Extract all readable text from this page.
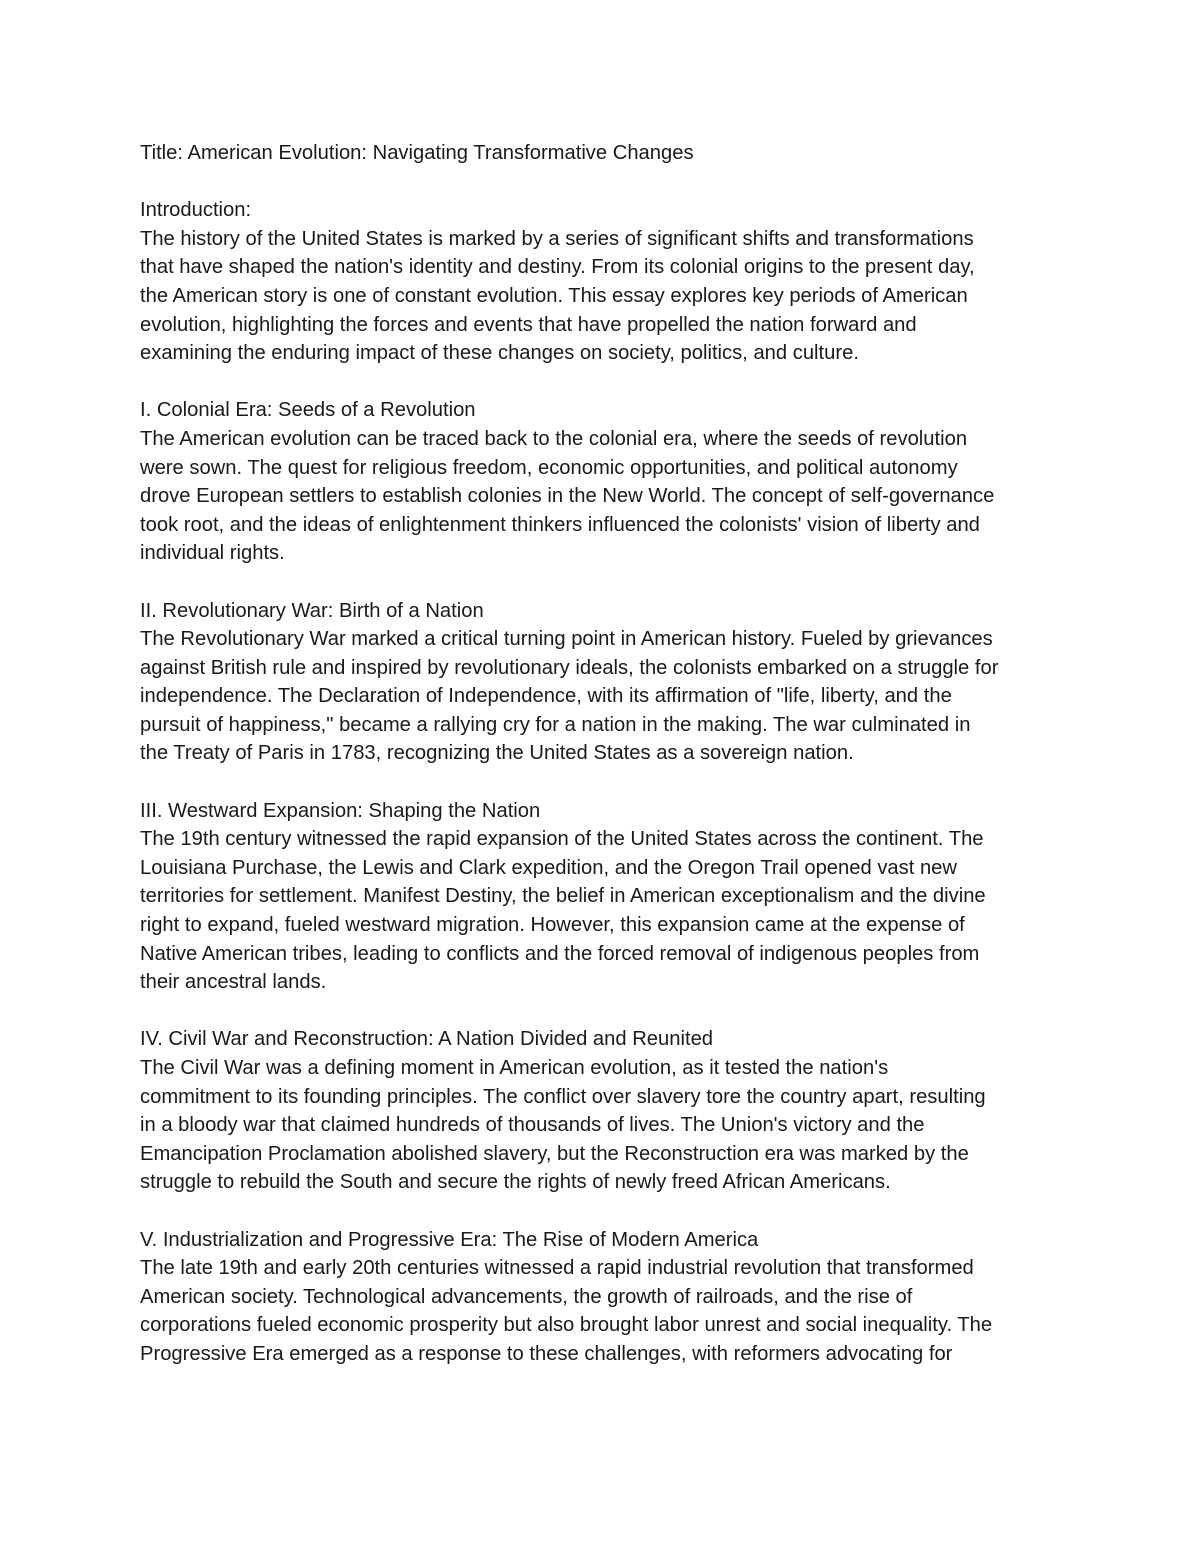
Title: American Evolution: Navigating Transformative Changes

Introduction:

The history of the United States is marked by a series of significant shifts and transformations

that have shaped the nation's identity and destiny. From its colonial origins to the present day,

the American story is one of constant evolution. This essay explores key periods of American

evolution, highlighting the forces and events that have propelled the nation forward and

examining the enduring impact of these changes on society, politics, and culture.

I. Colonial Era: Seeds of a Revolution

The American evolution can be traced back to the colonial era, where the seeds of revolution

were sown. The quest for religious freedom, economic opportunities, and political autonomy

drove European settlers to establish colonies in the New World. The concept of self-governance

took root, and the ideas of enlightenment thinkers influenced the colonists' vision of liberty and

individual rights.

II. Revolutionary War: Birth of a Nation

The Revolutionary War marked a critical turning point in American history. Fueled by grievances

against British rule and inspired by revolutionary ideals, the colonists embarked on a struggle for

independence. The Declaration of Independence, with its affirmation of "life, liberty, and the

pursuit of happiness," became a rallying cry for a nation in the making. The war culminated in

the Treaty of Paris in 1783, recognizing the United States as a sovereign nation.

III. Westward Expansion: Shaping the Nation

The 19th century witnessed the rapid expansion of the United States across the continent. The

Louisiana Purchase, the Lewis and Clark expedition, and the Oregon Trail opened vast new

territories for settlement. Manifest Destiny, the belief in American exceptionalism and the divine

right to expand, fueled westward migration. However, this expansion came at the expense of

Native American tribes, leading to conflicts and the forced removal of indigenous peoples from

their ancestral lands.

IV. Civil War and Reconstruction: A Nation Divided and Reunited

The Civil War was a defining moment in American evolution, as it tested the nation's

commitment to its founding principles. The conflict over slavery tore the country apart, resulting

in a bloody war that claimed hundreds of thousands of lives. The Union's victory and the

Emancipation Proclamation abolished slavery, but the Reconstruction era was marked by the

struggle to rebuild the South and secure the rights of newly freed African Americans.

V. Industrialization and Progressive Era: The Rise of Modern America

The late 19th and early 20th centuries witnessed a rapid industrial revolution that transformed

American society. Technological advancements, the growth of railroads, and the rise of

corporations fueled economic prosperity but also brought labor unrest and social inequality. The

Progressive Era emerged as a response to these challenges, with reformers advocating for
